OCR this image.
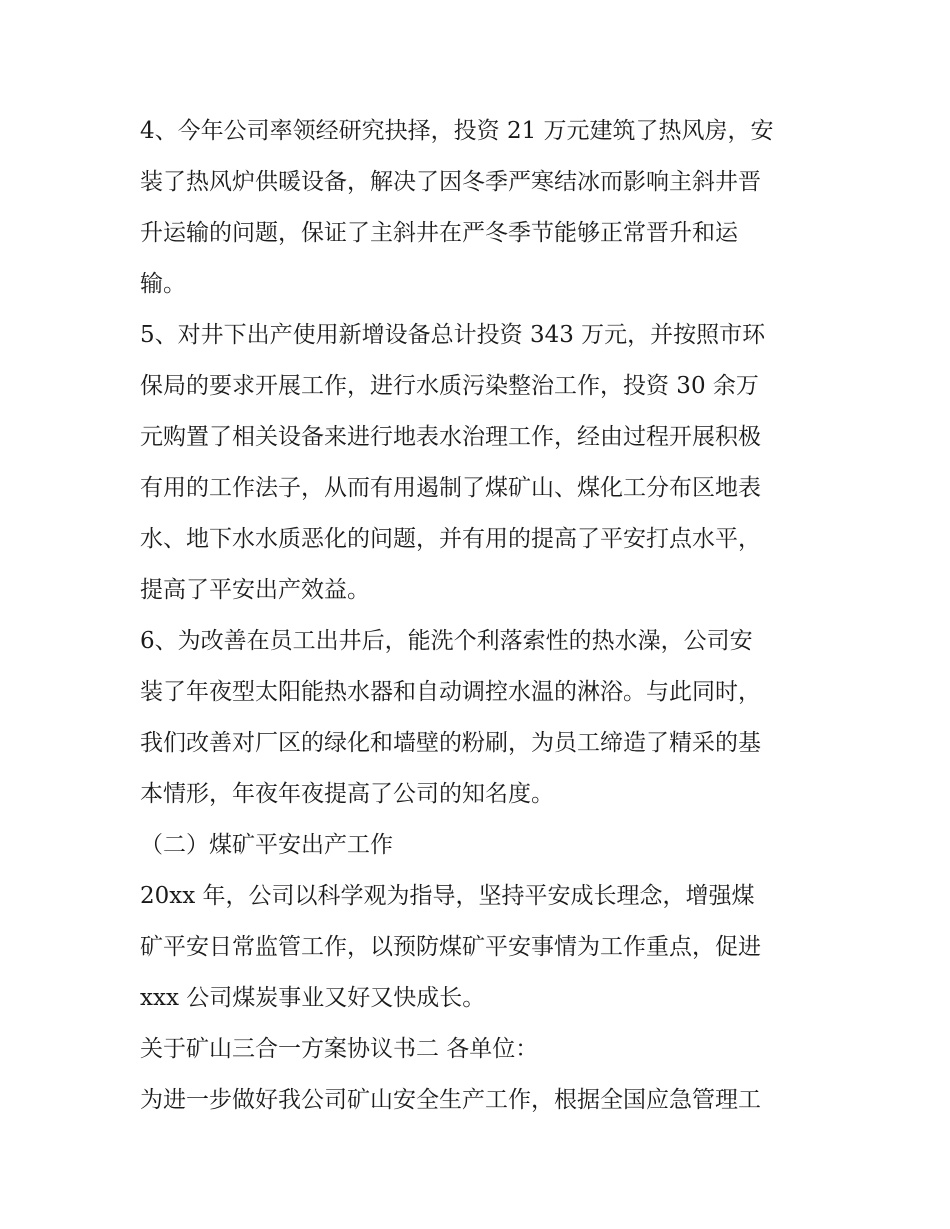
4、今年公司率领经研究抉择，投资 21 万元建筑了热风房，安

装了热风炉供暖设备，解决了因冬季严寒结冰而影响主斜井晋

升运输的问题，保证了主斜井在严冬季节能够正常晋升和运

输。

5、对井下出产使用新增设备总计投资 343 万元，并按照市环

保局的要求开展工作，进行水质污染整治工作，投资 30 余万

元购置了相关设备来进行地表水治理工作，经由过程开展积极

有用的工作法子，从而有用遏制了煤矿山、煤化工分布区地表

水、地下水水质恶化的问题，并有用的提高了平安打点水平，

提高了平安出产效益。

6、为改善在员工出井后，能洗个利落索性的热水澡，公司安

装了年夜型太阳能热水器和自动调控水温的淋浴。与此同时，

我们改善对厂区的绿化和墙壁的粉刷，为员工缔造了精采的基

本情形，年夜年夜提高了公司的知名度。

（二）煤矿平安出产工作

20xx 年，公司以科学观为指导，坚持平安成长理念，增强煤

矿平安日常监管工作，以预防煤矿平安事情为工作重点，促进

xxx 公司煤炭事业又好又快成长。

关于矿山三合一方案协议书二 各单位：

为进一步做好我公司矿山安全生产工作，根据全国应急管理工
